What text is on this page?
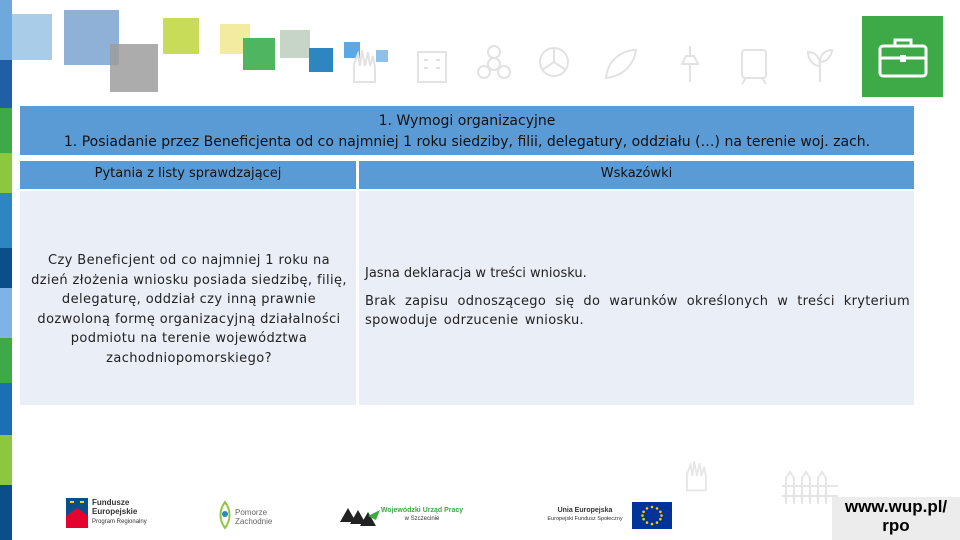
1. Wymogi organizacyjne
1. Posiadanie przez Beneficjenta od co najmniej 1 roku siedziby, filii, delegatury, oddziału (…) na terenie woj. zach.
Pytania z listy sprawdzającej	Wskazówki
Czy Beneficjent od co najmniej 1 roku na dzień złożenia wniosku posiada siedzibę, filię, delegaturę, oddział czy inną prawnie dozwoloną formę organizacyjną działalności podmiotu na terenie województwa zachodniopomorskiego?

Jasna deklaracja w treści wniosku.

Brak zapisu odnoszącego się do warunków określonych w treści kryterium spowoduje odrzucenie wniosku.

Fundusze
Europejskie
Program Regionalny
Pomorze
Zachodnie
Wojewódzki Urząd Pracy
w Szczecinie
Unia Europejska
Europejski Fundusz Społeczny
www.wup.pl/
rpo
